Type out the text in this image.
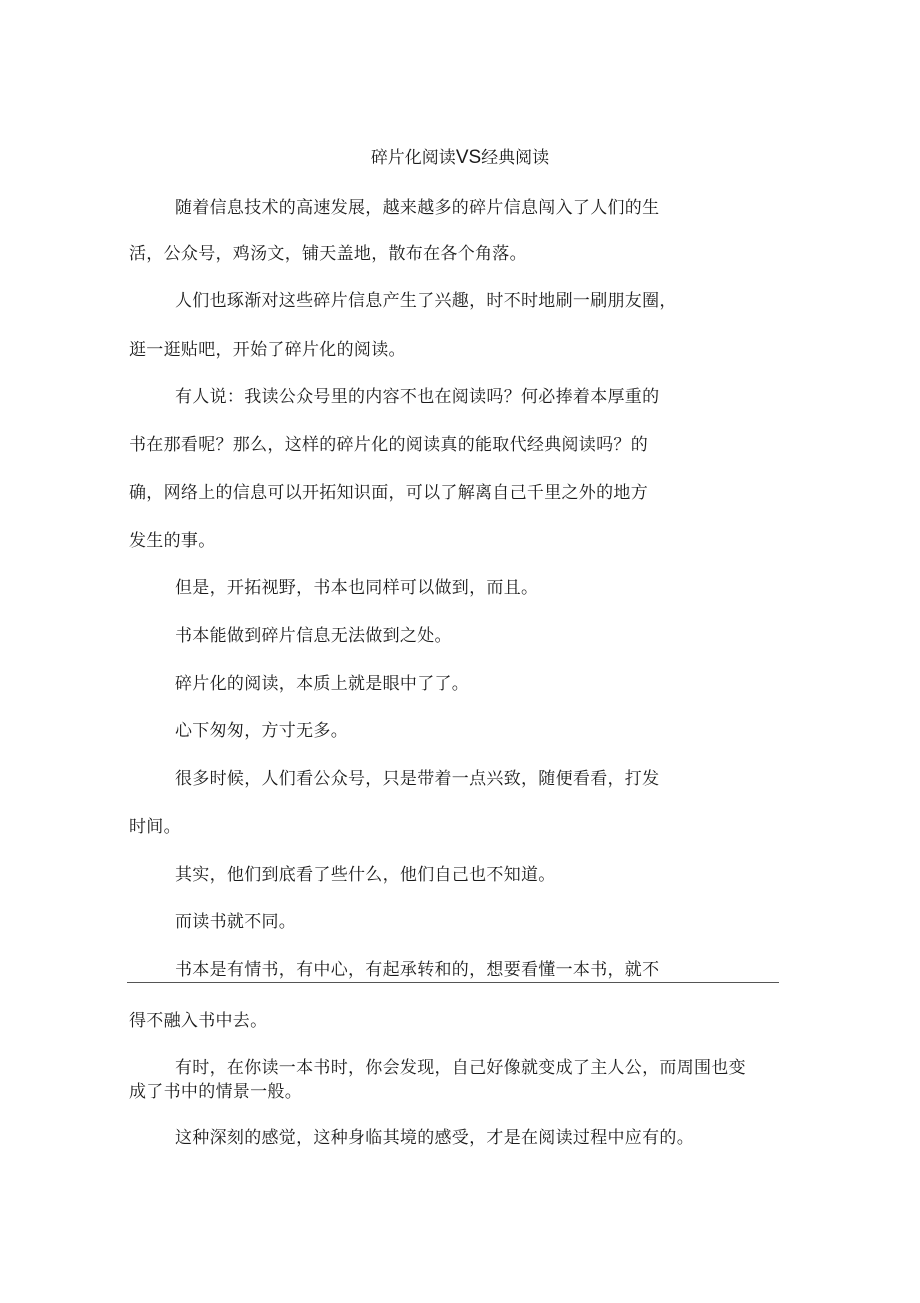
碎片化阅读VS经典阅读
随着信息技术的高速发展，越来越多的碎片信息闯入了人们的生
活，公众号，鸡汤文，铺天盖地，散布在各个角落。
人们也琢渐对这些碎片信息产生了兴趣，时不时地刷一刷朋友圈，
逛一逛贴吧，开始了碎片化的阅读。
有人说：我读公众号里的内容不也在阅读吗？何必捧着本厚重的
书在那看呢？那么，这样的碎片化的阅读真的能取代经典阅读吗？的
确，网络上的信息可以开拓知识面，可以了解离自己千里之外的地方
发生的事。
但是，开拓视野，书本也同样可以做到，而且。
书本能做到碎片信息无法做到之处。
碎片化的阅读，本质上就是眼中了了。
心下匆匆，方寸无多。
很多时候，人们看公众号，只是带着一点兴致，随便看看，打发
时间。
其实，他们到底看了些什么，他们自己也不知道。
而读书就不同。
书本是有情书，有中心，有起承转和的，想要看懂一本书，就不
得不融入书中去。
有时，在你读一本书时，你会发现，自己好像就变成了主人公，而周围也变
成了书中的情景一般。
这种深刻的感觉，这种身临其境的感受，才是在阅读过程中应有的。
